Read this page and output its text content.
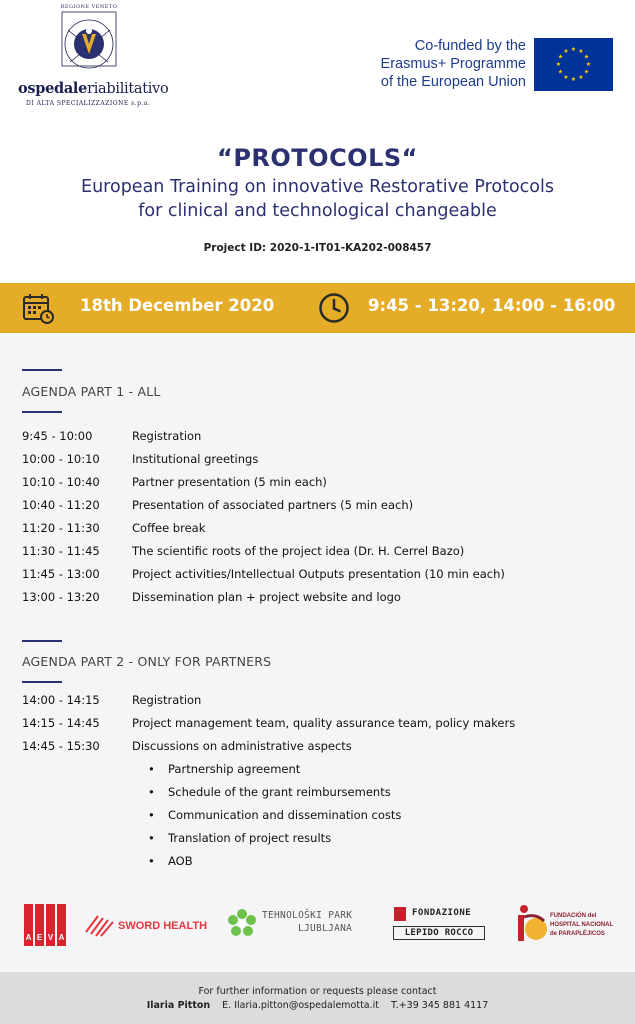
REGIONE VENETO
ospedaleriabilitativo
DI ALTA SPECIALIZZAZIONE s.p.a.
Co-funded by the
Erasmus+ Programme
of the European Union
★ ★
★
★
★
★
★
★
★
★
★
★
“PROTOCOLS“
European Training on innovative Restorative Protocols
for clinical and technological changeable
Project ID: 2020-1-IT01-KA202-008457
18th December 2020	9:45 - 13:20, 14:00 - 16:00
AGENDA PART 1 - ALL
9:45 - 10:00	Registration
10:00 - 10:10	Institutional greetings
10:10 - 10:40	Partner presentation (5 min each)
10:40 - 11:20	Presentation of associated partners (5 min each)
11:20 - 11:30	Coffee break
11:30 - 11:45	The scientific roots of the project idea (Dr. H. Cerrel Bazo)
11:45 - 13:00	Project activities/Intellectual Outputs presentation (10 min each)
13:00 - 13:20	Dissemination plan + project website and logo
AGENDA PART 2 - ONLY FOR PARTNERS
14:00 - 14:15	Registration
14:15 - 14:45	Project management team, quality assurance team, policy makers
14:45 - 15:30	Discussions on administrative aspects
• Partnership agreement
• Schedule of the grant reimbursements
• Communication and dissemination costs
• Translation of project results
• AOB
A E V A
SWORD HEALTH
TEHNOLOŠKI PARK
LJUBLJANA
FONDAZIONE
LEPIDO ROCCO
FUNDACIÓN del
HOSPITAL NACIONAL
de PARAPLÉJICOS
For further information or requests please contact
Ilaria Pitton E. Ilaria.pitton@ospedalemotta.it T.+39 345 881 4117
